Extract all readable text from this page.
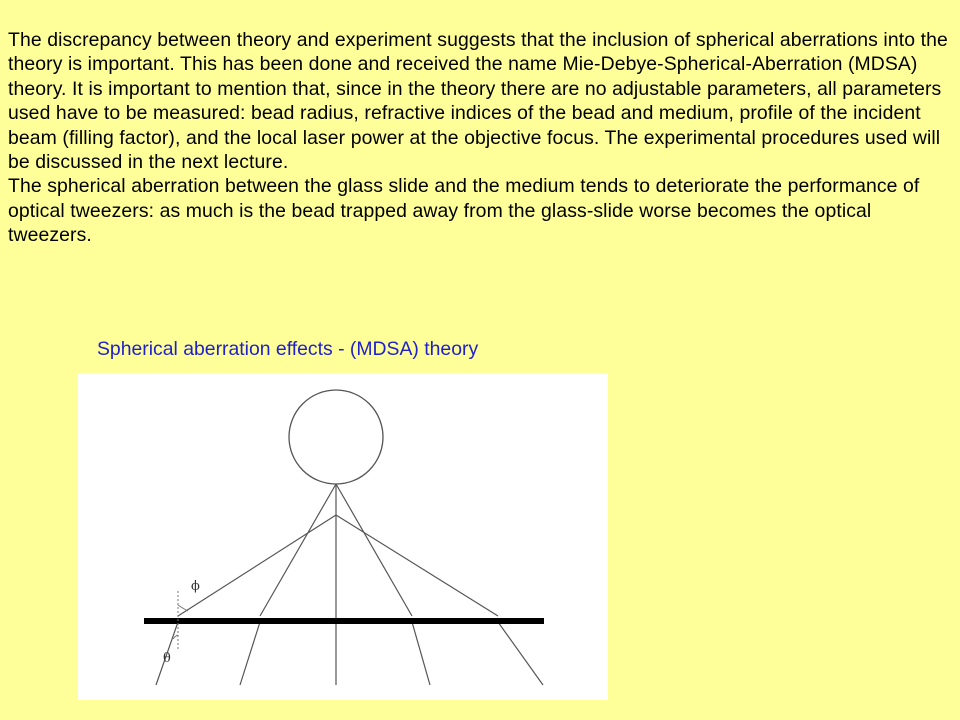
The discrepancy between theory and experiment suggests that the inclusion of spherical aberrations into the theory is important. This has been done and received the name Mie-Debye-Spherical-Aberration (MDSA) theory. It is important to mention that, since in the theory there are no adjustable parameters, all parameters used have to be measured: bead radius, refractive indices of the bead and medium, profile of the incident beam (filling factor), and the local laser power at the objective focus. The experimental procedures used will be discussed in the next lecture.

The spherical aberration between the glass slide and the medium tends to deteriorate the performance of optical tweezers: as much is the bead trapped away from the glass-slide worse becomes the optical tweezers.

Spherical aberration effects - (MDSA) theory
ϕ
θ
